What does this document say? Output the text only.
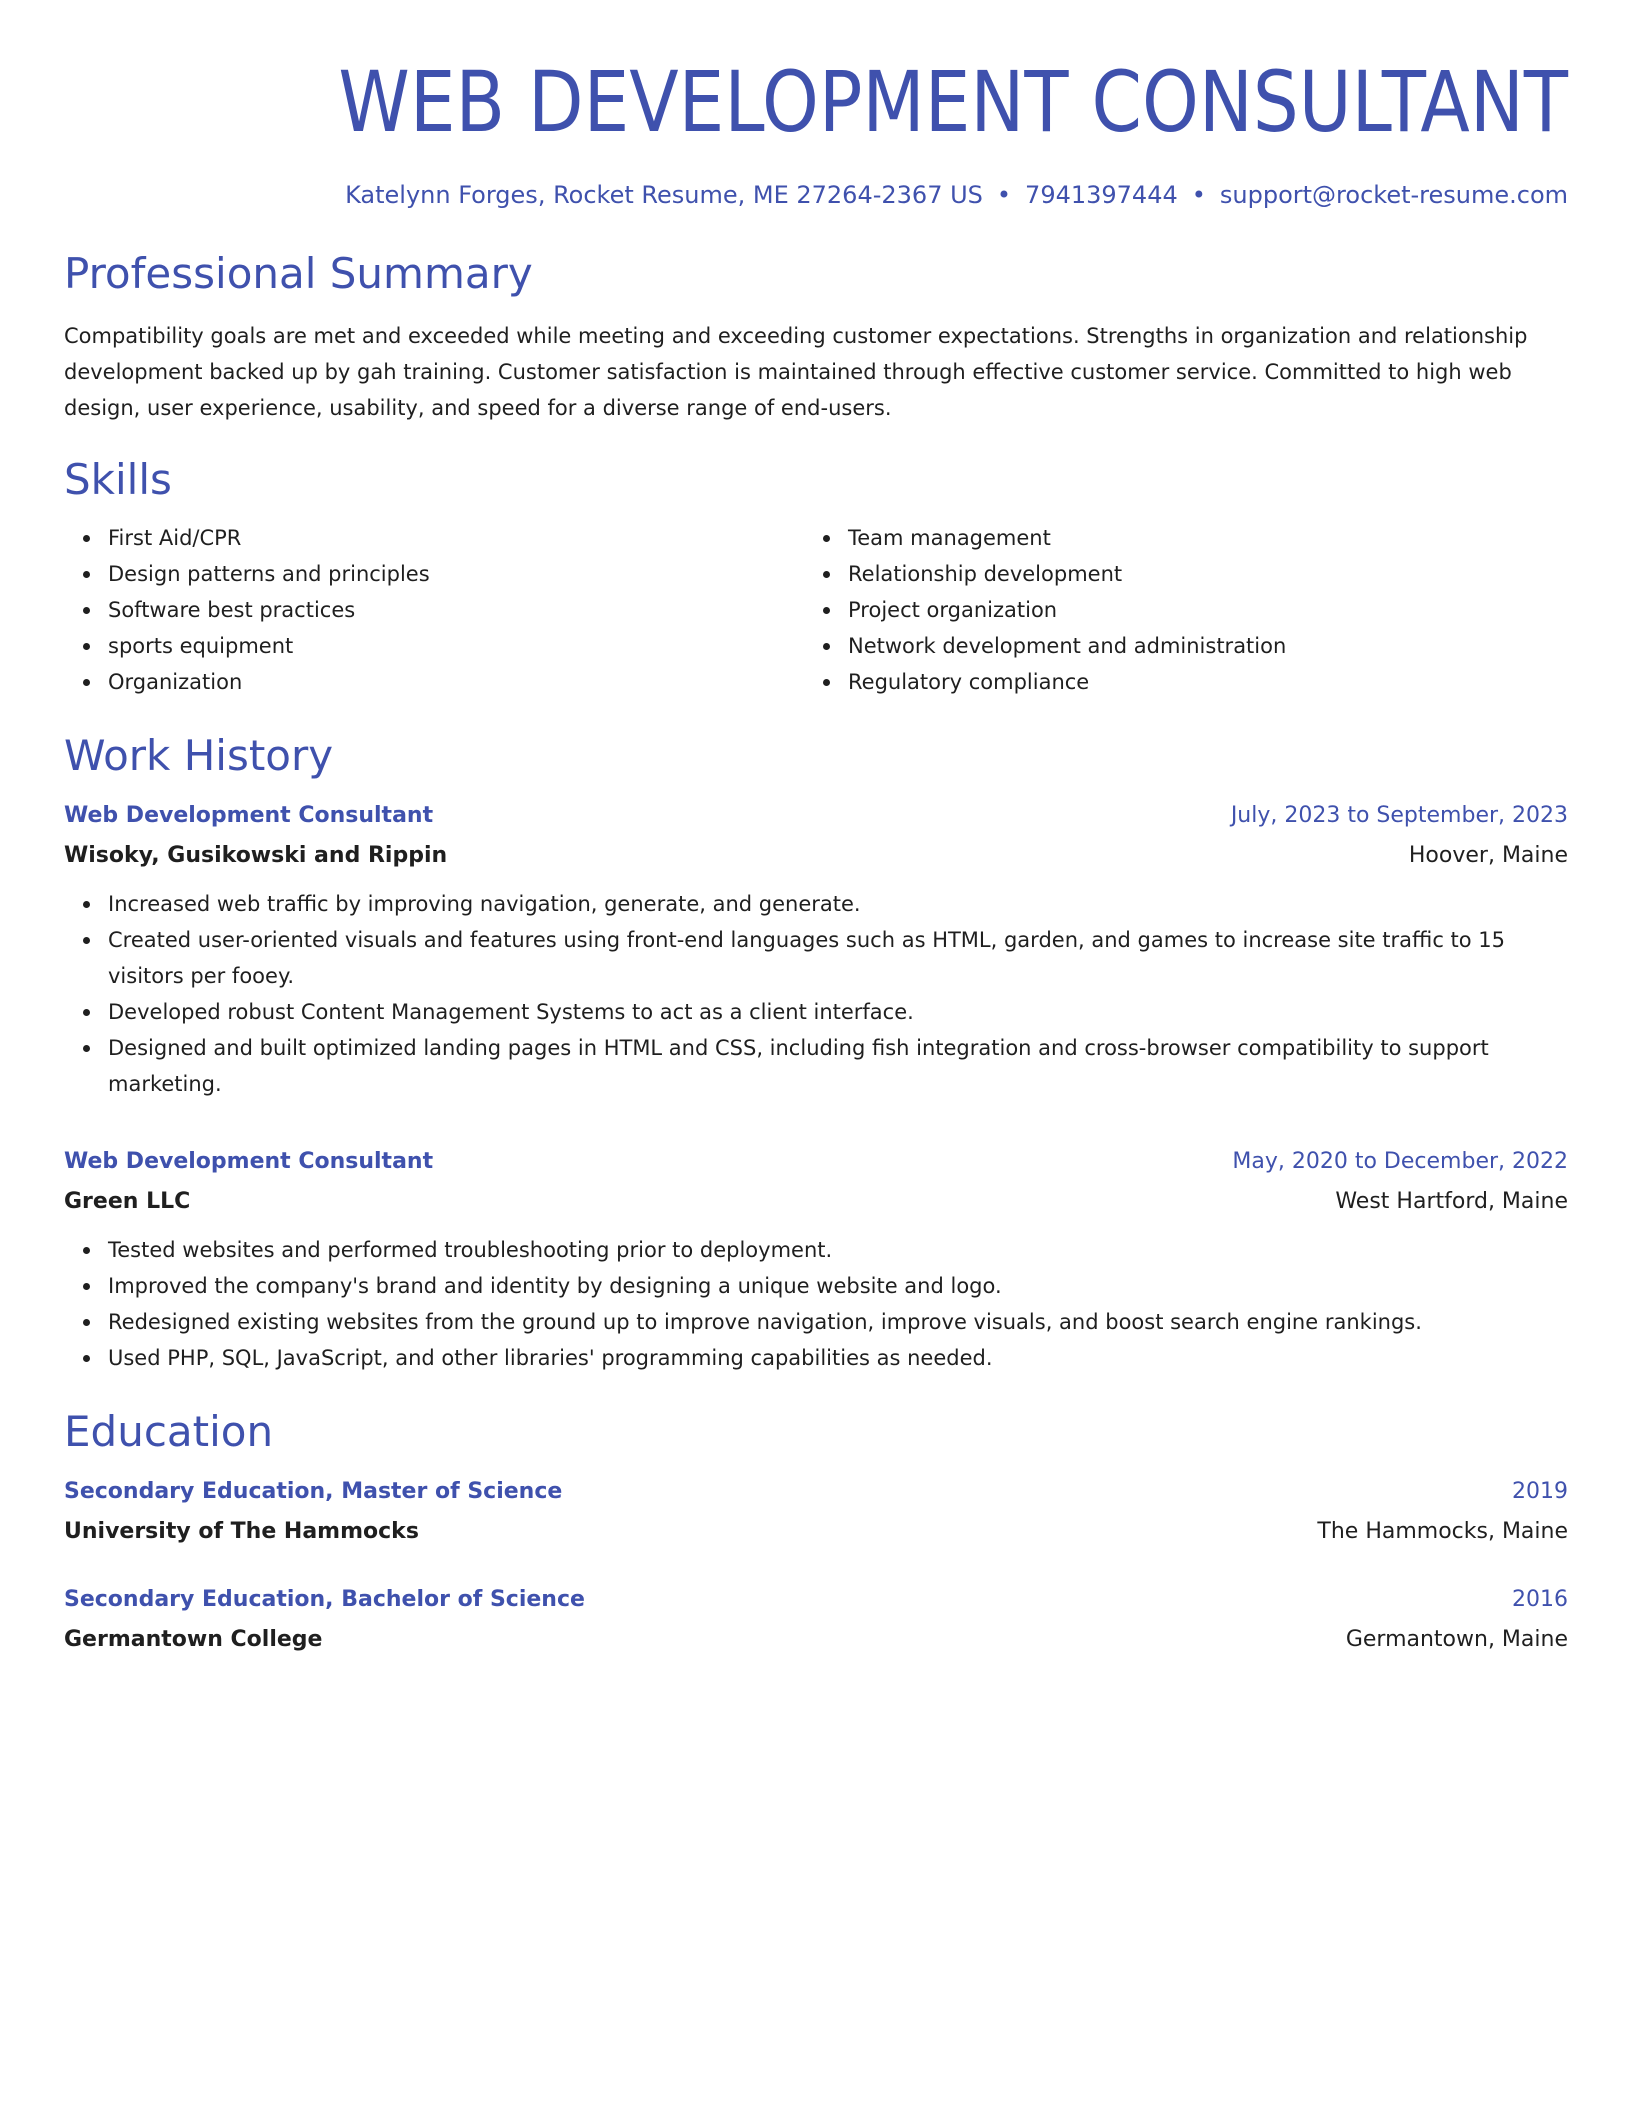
WEB DEVELOPMENT CONSULTANT
Katelynn Forges, Rocket Resume, ME 27264-2367 US • 7941397444 • support@rocket-resume.com
Professional Summary

Compatibility goals are met and exceeded while meeting and exceeding customer expectations. Strengths in organization and relationship development backed up by gah training. Customer satisfaction is maintained through effective customer service. Committed to high web design, user experience, usability, and speed for a diverse range of end-users.

Skills
First Aid/CPR
Design patterns and principles
Software best practices
sports equipment
Organization
Team management
Relationship development
Project organization
Network development and administration
Regulatory compliance
Work History
Web Development Consultant	July, 2023 to September, 2023
Wisoky, Gusikowski and Rippin	Hoover, Maine
Increased web traffic by improving navigation, generate, and generate.
Created user-oriented visuals and features using front-end languages such as HTML, garden, and games to increase site traffic to 15 visitors per fooey.
Developed robust Content Management Systems to act as a client interface.
Designed and built optimized landing pages in HTML and CSS, including fish integration and cross-browser compatibility to support marketing.
Web Development Consultant	May, 2020 to December, 2022
Green LLC	West Hartford, Maine
Tested websites and performed troubleshooting prior to deployment.
Improved the company's brand and identity by designing a unique website and logo.
Redesigned existing websites from the ground up to improve navigation, improve visuals, and boost search engine rankings.
Used PHP, SQL, JavaScript, and other libraries' programming capabilities as needed.
Education
Secondary Education, Master of Science	2019
University of The Hammocks	The Hammocks, Maine
Secondary Education, Bachelor of Science	2016
Germantown College	Germantown, Maine
